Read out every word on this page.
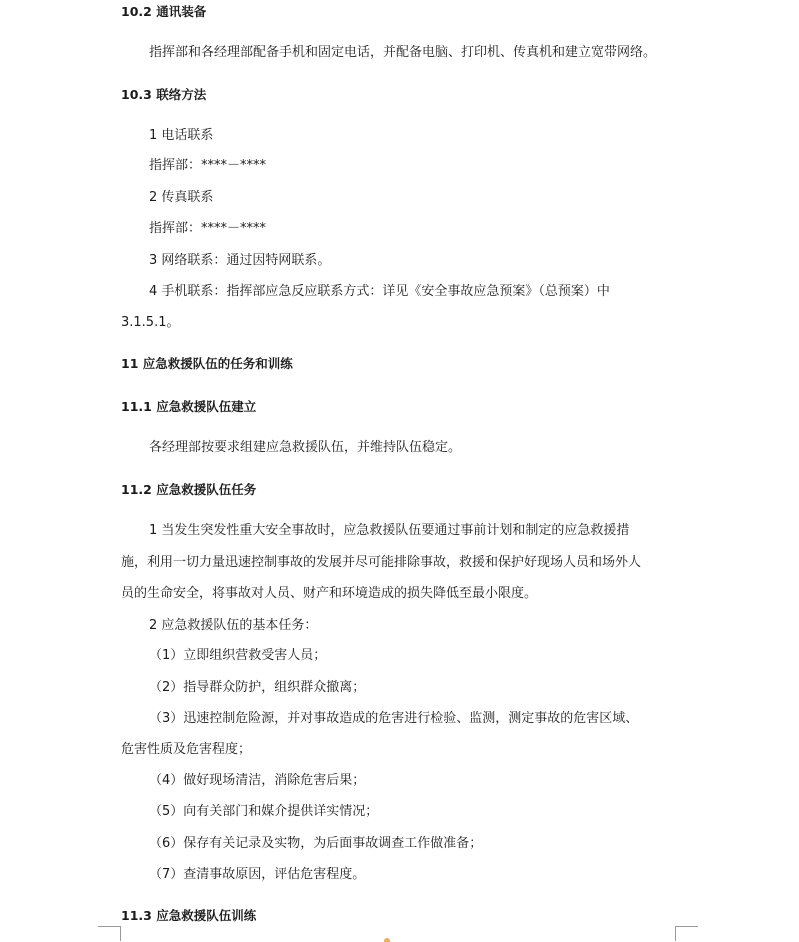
10.2 通讯装备
指挥部和各经理部配备手机和固定电话，并配备电脑、打印机、传真机和建立宽带网络。
10.3 联络方法
1 电话联系
指挥部：****－****
2 传真联系
指挥部：****－****
3 网络联系：通过因特网联系。
4 手机联系：指挥部应急反应联系方式：详见《安全事故应急预案》（总预案）中
3.1.5.1。
11 应急救援队伍的任务和训练
11.1 应急救援队伍建立
各经理部按要求组建应急救援队伍，并维持队伍稳定。
11.2 应急救援队伍任务
1 当发生突发性重大安全事故时，应急救援队伍要通过事前计划和制定的应急救援措
施，利用一切力量迅速控制事故的发展并尽可能排除事故，救援和保护好现场人员和场外人
员的生命安全，将事故对人员、财产和环境造成的损失降低至最小限度。
2 应急救援队伍的基本任务：
（1）立即组织营救受害人员；
（2）指导群众防护，组织群众撤离；
（3）迅速控制危险源，并对事故造成的危害进行检验、监测，测定事故的危害区域、
危害性质及危害程度；
（4）做好现场清洁，消除危害后果；
（5）向有关部门和媒介提供详实情况；
（6）保存有关记录及实物，为后面事故调查工作做准备；
（7）查清事故原因，评估危害程度。
11.3 应急救援队伍训练
